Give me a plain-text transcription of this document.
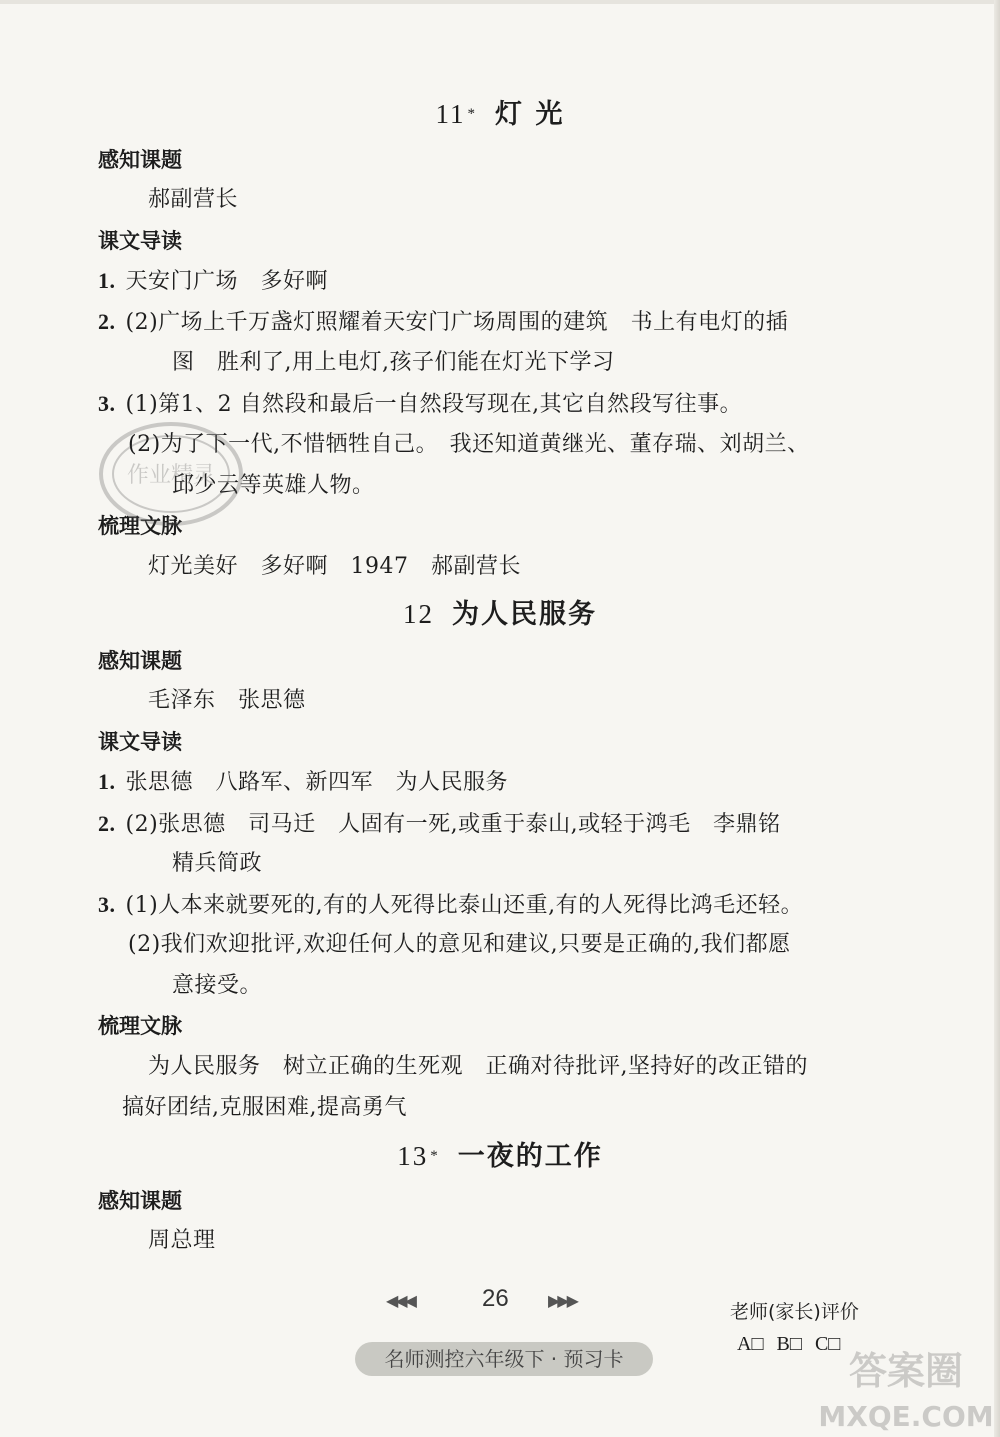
11 * 灯 光
感知课题
郝副营长
课文导读
1. 天安门广场　多好啊
2. (2)广场上千万盏灯照耀着天安门广场周围的建筑　书上有电灯的插
图　胜利了,用上电灯,孩子们能在灯光下学习
3. (1)第1、2 自然段和最后一自然段写现在,其它自然段写往事。
(2)为了下一代,不惜牺牲自己。　我还知道黄继光、董存瑞、刘胡兰、
邱少云等英雄人物。
梳理文脉
灯光美好　多好啊　1947　郝副营长
作业精灵
12 为人民服务
感知课题
毛泽东　张思德
课文导读
1. 张思德　八路军、新四军　为人民服务
2. (2)张思德　司马迁　人固有一死,或重于泰山,或轻于鸿毛　李鼎铭
精兵简政
3. (1)人本来就要死的,有的人死得比泰山还重,有的人死得比鸿毛还轻。
(2)我们欢迎批评,欢迎任何人的意见和建议,只要是正确的,我们都愿
意接受。
梳理文脉
为人民服务　树立正确的生死观　正确对待批评,坚持好的改正错的
搞好团结,克服困难,提高勇气
13 * 一夜的工作
感知课题
周总理
◀◀◀	26 ▶▶▶	老师(家长)评价
A□ B□ C□
名师测控六年级下 · 预习卡	答案圈
MXQE.COM
